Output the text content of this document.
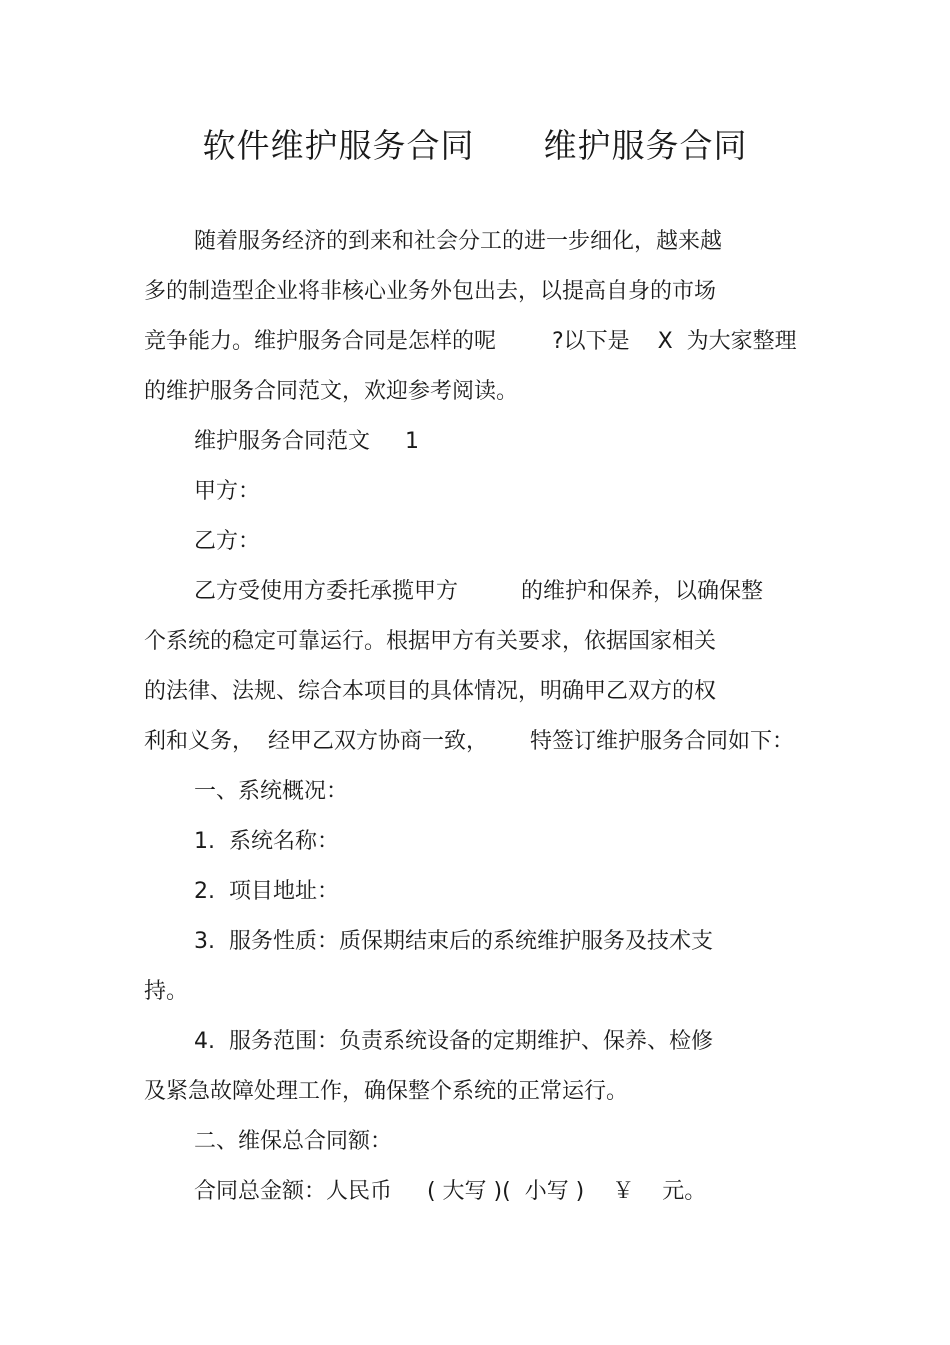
软件维护服务合同      维护服务合同
随着服务经济的到来和社会分工的进一步细化，越来越
多的制造型企业将非核心业务外包出去，以提高自身的市场
竞争能力。维护服务合同是怎样的呢        ?以下是    X  为大家整理
的维护服务合同范文，欢迎参考阅读。
维护服务合同范文     1
甲方：
乙方：
乙方受使用方委托承揽甲方         的维护和保养，以确保整
个系统的稳定可靠运行。根据甲方有关要求，依据国家相关
的法律、法规、综合本项目的具体情况，明确甲乙双方的权
利和义务，  经甲乙双方协商一致，      特签订维护服务合同如下：
一、系统概况：
1.  系统名称：
2.  项目地址：
3.  服务性质：质保期结束后的系统维护服务及技术支
持。
4.  服务范围：负责系统设备的定期维护、保养、检修
及紧急故障处理工作，确保整个系统的正常运行。
二、维保总合同额：
合同总金额：人民币     ( 大写 )(  小写 )    ￥    元。
